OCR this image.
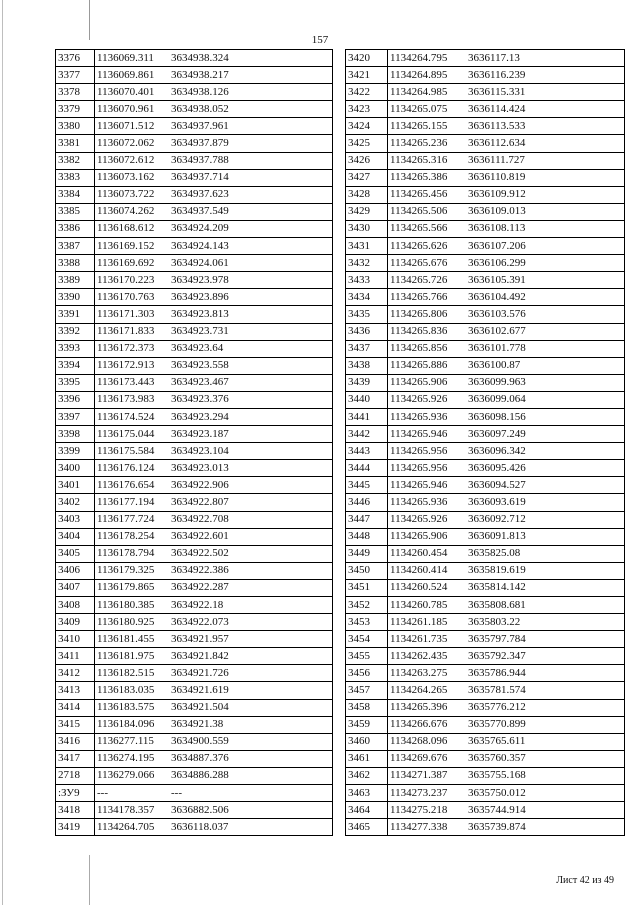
157
3376	1136069.311 3634938.324
3377	1136069.861 3634938.217
3378	1136070.401 3634938.126
3379	1136070.961 3634938.052
3380	1136071.512 3634937.961
3381	1136072.062 3634937.879
3382	1136072.612 3634937.788
3383	1136073.162 3634937.714
3384	1136073.722 3634937.623
3385	1136074.262 3634937.549
3386	1136168.612 3634924.209
3387	1136169.152 3634924.143
3388	1136169.692 3634924.061
3389	1136170.223 3634923.978
3390	1136170.763 3634923.896
3391	1136171.303 3634923.813
3392	1136171.833 3634923.731
3393	1136172.373 3634923.64
3394	1136172.913 3634923.558
3395	1136173.443 3634923.467
3396	1136173.983 3634923.376
3397	1136174.524 3634923.294
3398	1136175.044 3634923.187
3399	1136175.584 3634923.104
3400	1136176.124 3634923.013
3401	1136176.654 3634922.906
3402	1136177.194 3634922.807
3403	1136177.724 3634922.708
3404	1136178.254 3634922.601
3405	1136178.794 3634922.502
3406	1136179.325 3634922.386
3407	1136179.865 3634922.287
3408	1136180.385 3634922.18
3409	1136180.925 3634922.073
3410	1136181.455 3634921.957
3411	1136181.975 3634921.842
3412	1136182.515 3634921.726
3413	1136183.035 3634921.619
3414	1136183.575 3634921.504
3415	1136184.096 3634921.38
3416	1136277.115 3634900.559
3417	1136274.195 3634887.376
2718	1136279.066 3634886.288
:ЗУ9	--- ---
3418	1134178.357 3636882.506
3419	1134264.705 3636118.037
3420	1134264.795 3636117.13
3421	1134264.895 3636116.239
3422	1134264.985 3636115.331
3423	1134265.075 3636114.424
3424	1134265.155 3636113.533
3425	1134265.236 3636112.634
3426	1134265.316 3636111.727
3427	1134265.386 3636110.819
3428	1134265.456 3636109.912
3429	1134265.506 3636109.013
3430	1134265.566 3636108.113
3431	1134265.626 3636107.206
3432	1134265.676 3636106.299
3433	1134265.726 3636105.391
3434	1134265.766 3636104.492
3435	1134265.806 3636103.576
3436	1134265.836 3636102.677
3437	1134265.856 3636101.778
3438	1134265.886 3636100.87
3439	1134265.906 3636099.963
3440	1134265.926 3636099.064
3441	1134265.936 3636098.156
3442	1134265.946 3636097.249
3443	1134265.956 3636096.342
3444	1134265.956 3636095.426
3445	1134265.946 3636094.527
3446	1134265.936 3636093.619
3447	1134265.926 3636092.712
3448	1134265.906 3636091.813
3449	1134260.454 3635825.08
3450	1134260.414 3635819.619
3451	1134260.524 3635814.142
3452	1134260.785 3635808.681
3453	1134261.185 3635803.22
3454	1134261.735 3635797.784
3455	1134262.435 3635792.347
3456	1134263.275 3635786.944
3457	1134264.265 3635781.574
3458	1134265.396 3635776.212
3459	1134266.676 3635770.899
3460	1134268.096 3635765.611
3461	1134269.676 3635760.357
3462	1134271.387 3635755.168
3463	1134273.237 3635750.012
3464	1134275.218 3635744.914
3465	1134277.338 3635739.874
Лист 42 из 49
